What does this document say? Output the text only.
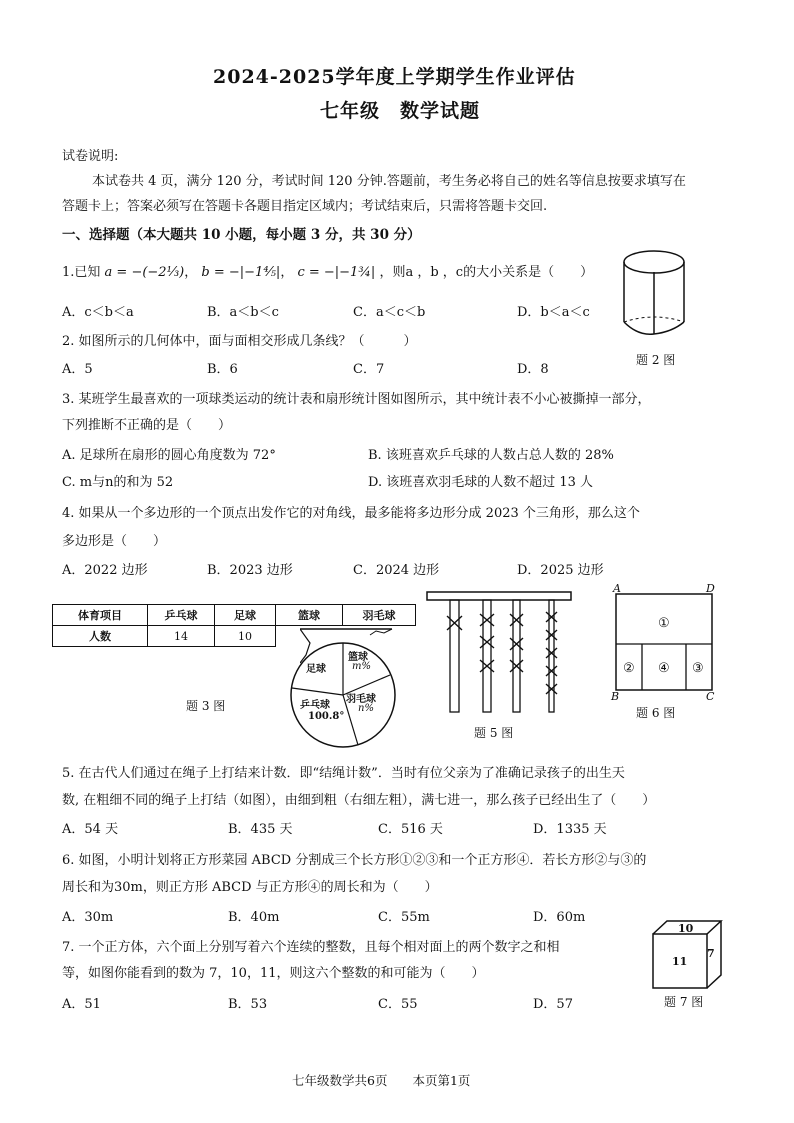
2024-2025学年度上学期学生作业评估
七年级　数学试题
试卷说明:
本试卷共 4 页，满分 120 分，考试时间 120 分钟.答题前，考生务必将自己的姓名等信息按要求填写在
答题卡上；答案必须写在答题卡各题目指定区域内；考试结束后，只需将答题卡交回.
一、选择题（本大题共 10 小题，每小题 3 分，共 30 分）
1.已知 a = −(−2⅓)， b = −|−1⅘|， c = −|−1¾| ，则a ，b ，c的大小关系是（　　）
A．c＜b＜a	B．a＜b＜c	C．a＜c＜b	D．b＜a＜c
题 2 图
2. 如图所示的几何体中，面与面相交形成几条线？（　　　）
A．5	B．6	C．7	D．8
3. 某班学生最喜欢的一项球类运动的统计表和扇形统计图如图所示，其中统计表不小心被撕掉一部分，
下列推断不正确的是（　　）
A. 足球所在扇形的圆心角度数为 72°	B. 该班喜欢乒乓球的人数占总人数的 28%
C. m与n的和为 52	D. 该班喜欢羽毛球的人数不超过 13 人
4. 如果从一个多边形的一个顶点出发作它的对角线，最多能将多边形分成 2023 个三角形，那么这个
多边形是（　　）
A．2022 边形	B．2023 边形	C．2024 边形	D．2025 边形
体育项目	乒乓球	足球	篮球	羽毛球
人数	14	10		
足球
篮球
m%
羽毛球
n%
乒乓球
100.8°
题 3 图
题 5 图
A	D
B	C
①
② ④ ③
题 6 图
5. 在古代人们通过在绳子上打结来计数．即“结绳计数”．当时有位父亲为了准确记录孩子的出生天
数, 在粗细不同的绳子上打结（如图），由细到粗（右细左粗），满七进一，那么孩子已经出生了（　　）
A．54 天	B．435 天	C．516 天	D．1335 天
6. 如图，小明计划将正方形菜园 ABCD 分割成三个长方形①②③和一个正方形④．若长方形②与③的
周长和为30m，则正方形 ABCD 与正方形④的周长和为（　　）
A．30m	B．40m	C．55m	D．60m
7. 一个正方体，六个面上分别写着六个连续的整数，且每个相对面上的两个数字之和相
等，如图你能看到的数为 7，10，11，则这六个整数的和可能为（　　）
A．51	B．53	C．55	D．57
10
11
7
题 7 图
七年级数学共6页　　本页第1页
